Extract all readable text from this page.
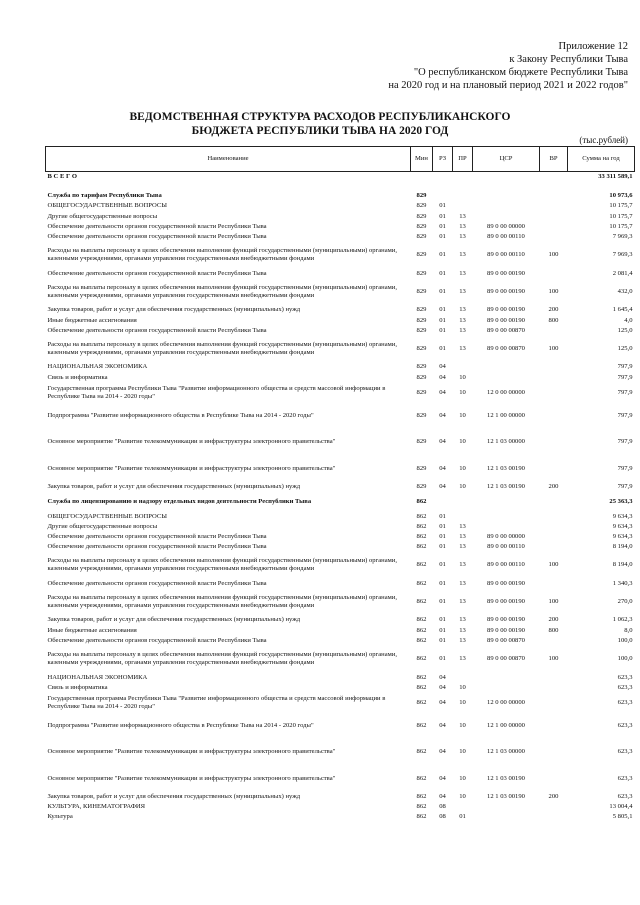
Приложение 12
к Закону Республики Тыва
"О республиканском бюджете Республики Тыва
на 2020 год и на плановый период 2021 и 2022 годов"
ВЕДОМСТВЕННАЯ СТРУКТУРА РАСХОДОВ РЕСПУБЛИКАНСКОГО
БЮДЖЕТА РЕСПУБЛИКИ ТЫВА НА 2020 ГОД
(тыс.рублей)
Наименование	Мин	РЗ	ПР	ЦСР	ВР	Сумма на год
В С Е Г О						33 311 589,1

Служба по тарифам Республики Тыва	829					10 973,6
ОБЩЕГОСУДАРСТВЕННЫЕ ВОПРОСЫ	829	01				10 175,7
Другие общегосударственные вопросы	829	01	13			10 175,7
Обеспечение деятельности органов государственной власти Республики Тыва	829	01	13	89 0 00 00000		10 175,7
Обеспечение деятельности органов государственной власти Республики Тыва	829	01	13	89 0 00 00110		7 969,3
Расходы на выплаты персоналу в целях обеспечения выполнения функций государственными (муниципальными) органами, казенными учреждениями, органами управления государственными внебюджетными фондами	829	01	13	89 0 00 00110	100	7 969,3
Обеспечение деятельности органов государственной власти Республики Тыва	829	01	13	89 0 00 00190		2 081,4
Расходы на выплаты персоналу в целях обеспечения выполнения функций государственными (муниципальными) органами, казенными учреждениями, органами управления государственными внебюджетными фондами	829	01	13	89 0 00 00190	100	432,0
Закупка товаров, работ и услуг для обеспечения государственных (муниципальных) нужд	829	01	13	89 0 00 00190	200	1 645,4
Иные бюджетные ассигнования	829	01	13	89 0 00 00190	800	4,0
Обеспечение деятельности органов государственной власти Республики Тыва	829	01	13	89 0 00 00870		125,0
Расходы на выплаты персоналу в целях обеспечения выполнения функций государственными (муниципальными) органами, казенными учреждениями, органами управления государственными внебюджетными фондами	829	01	13	89 0 00 00870	100	125,0
НАЦИОНАЛЬНАЯ ЭКОНОМИКА	829	04				797,9
Связь и информатика	829	04	10			797,9
Государственная программа Республики Тыва "Развитие информационного общества и средств массовой информации в Республике Тыва на 2014 - 2020 годы"	829	04	10	12 0 00 00000		797,9
Подпрограмма "Развитие информационного общества в Республике Тыва на 2014 - 2020 годы"	829	04	10	12 1 00 00000		797,9
Основное мероприятие "Развитие телекоммуникации и инфраструктуры электронного правительства"	829	04	10	12 1 03 00000		797,9
Основное мероприятие "Развитие телекоммуникации и инфраструктуры электронного правительства"	829	04	10	12 1 03 00190		797,9
Закупка товаров, работ и услуг для обеспечения государственных (муниципальных) нужд	829	04	10	12 1 03 00190	200	797,9
Служба по лицензированию и надзору отдельных видов деятельности Республики Тыва	862					25 363,3
ОБЩЕГОСУДАРСТВЕННЫЕ ВОПРОСЫ	862	01				9 634,3
Другие общегосударственные вопросы	862	01	13			9 634,3
Обеспечение деятельности органов государственной власти Республики Тыва	862	01	13	89 0 00 00000		9 634,3
Обеспечение деятельности органов государственной власти Республики Тыва	862	01	13	89 0 00 00110		8 194,0
Расходы на выплаты персоналу в целях обеспечения выполнения функций государственными (муниципальными) органами, казенными учреждениями, органами управления государственными внебюджетными фондами	862	01	13	89 0 00 00110	100	8 194,0
Обеспечение деятельности органов государственной власти Республики Тыва	862	01	13	89 0 00 00190		1 340,3
Расходы на выплаты персоналу в целях обеспечения выполнения функций государственными (муниципальными) органами, казенными учреждениями, органами управления государственными внебюджетными фондами	862	01	13	89 0 00 00190	100	270,0
Закупка товаров, работ и услуг для обеспечения государственных (муниципальных) нужд	862	01	13	89 0 00 00190	200	1 062,3
Иные бюджетные ассигнования	862	01	13	89 0 00 00190	800	8,0
Обеспечение деятельности органов государственной власти Республики Тыва	862	01	13	89 0 00 00870		100,0
Расходы на выплаты персоналу в целях обеспечения выполнения функций государственными (муниципальными) органами, казенными учреждениями, органами управления государственными внебюджетными фондами	862	01	13	89 0 00 00870	100	100,0
НАЦИОНАЛЬНАЯ ЭКОНОМИКА	862	04				623,3
Связь и информатика	862	04	10			623,3
Государственная программа Республики Тыва "Развитие информационного общества и средств массовой информации в Республике Тыва на 2014 - 2020 годы"	862	04	10	12 0 00 00000		623,3
Подпрограмма "Развитие информационного общества в Республике Тыва на 2014 - 2020 годы"	862	04	10	12 1 00 00000		623,3
Основное мероприятие "Развитие телекоммуникации и инфраструктуры электронного правительства"	862	04	10	12 1 03 00000		623,3
Основное мероприятие "Развитие телекоммуникации и инфраструктуры электронного правительства"	862	04	10	12 1 03 00190		623,3
Закупка товаров, работ и услуг для обеспечения государственных (муниципальных) нужд	862	04	10	12 1 03 00190	200	623,3
КУЛЬТУРА, КИНЕМАТОГРАФИЯ	862	08				13 004,4
Культура	862	08	01			5 805,1
